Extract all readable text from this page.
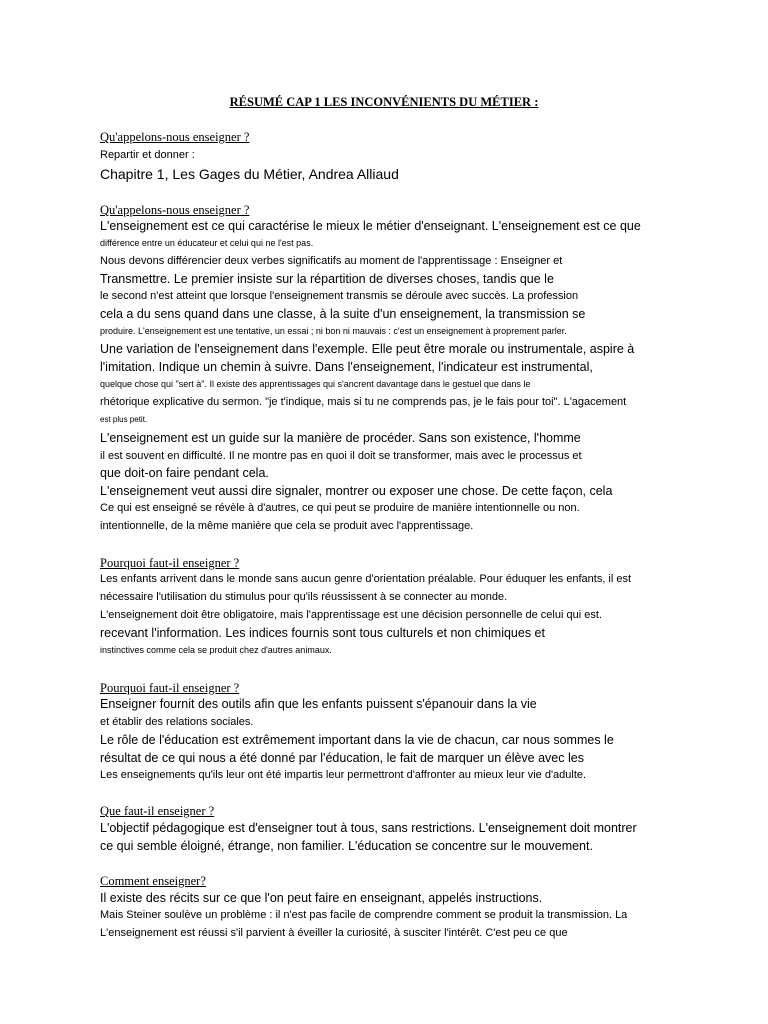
RÉSUMÉ CAP 1 LES INCONVÉNIENTS DU MÉTIER :
Qu'appelons-nous enseigner ?
Repartir et donner :
Chapitre 1, Les Gages du Métier, Andrea Alliaud
Qu'appelons-nous enseigner ?
L'enseignement est ce qui caractérise le mieux le métier d'enseignant. L'enseignement est ce que
différence entre un éducateur et celui qui ne l'est pas.
Nous devons différencier deux verbes significatifs au moment de l'apprentissage : Enseigner et
Transmettre. Le premier insiste sur la répartition de diverses choses, tandis que le
le second n'est atteint que lorsque l'enseignement transmis se déroule avec succès. La profession
cela a du sens quand dans une classe, à la suite d'un enseignement, la transmission se
produire. L'enseignement est une tentative, un essai ; ni bon ni mauvais : c'est un enseignement à proprement parler.
Une variation de l'enseignement dans l'exemple. Elle peut être morale ou instrumentale, aspire à
l'imitation. Indique un chemin à suivre. Dans l'enseignement, l'indicateur est instrumental,
quelque chose qui "sert à". Il existe des apprentissages qui s'ancrent davantage dans le gestuel que dans le
rhétorique explicative du sermon. "je t'indique, mais si tu ne comprends pas, je le fais pour toi". L'agacement
est plus petit.
L'enseignement est un guide sur la manière de procéder. Sans son existence, l'homme
il est souvent en difficulté. Il ne montre pas en quoi il doit se transformer, mais avec le processus et
que doit-on faire pendant cela.
L'enseignement veut aussi dire signaler, montrer ou exposer une chose. De cette façon, cela
Ce qui est enseigné se révèle à d'autres, ce qui peut se produire de manière intentionnelle ou non.
intentionnelle, de la même manière que cela se produit avec l'apprentissage.
Pourquoi faut-il enseigner ?
Les enfants arrivent dans le monde sans aucun genre d'orientation préalable. Pour éduquer les enfants, il est
nécessaire l'utilisation du stimulus pour qu'ils réussissent à se connecter au monde.
L'enseignement doit être obligatoire, mais l'apprentissage est une décision personnelle de celui qui est.
recevant l'information. Les indices fournis sont tous culturels et non chimiques et
instinctives comme cela se produit chez d'autres animaux.
Pourquoi faut-il enseigner ?
Enseigner fournit des outils afin que les enfants puissent s'épanouir dans la vie
et établir des relations sociales.
Le rôle de l'éducation est extrêmement important dans la vie de chacun, car nous sommes le
résultat de ce qui nous a été donné par l'éducation, le fait de marquer un élève avec les
Les enseignements qu'ils leur ont été impartis leur permettront d'affronter au mieux leur vie d'adulte.
Que faut-il enseigner ?
L'objectif pédagogique est d'enseigner tout à tous, sans restrictions. L'enseignement doit montrer
ce qui semble éloigné, étrange, non familier. L'éducation se concentre sur le mouvement.
Comment enseigner?
Il existe des récits sur ce que l'on peut faire en enseignant, appelés instructions.
Mais Steiner soulève un problème : il n'est pas facile de comprendre comment se produit la transmission. La
L'enseignement est réussi s'il parvient à éveiller la curiosité, à susciter l'intérêt. C'est peu ce que
